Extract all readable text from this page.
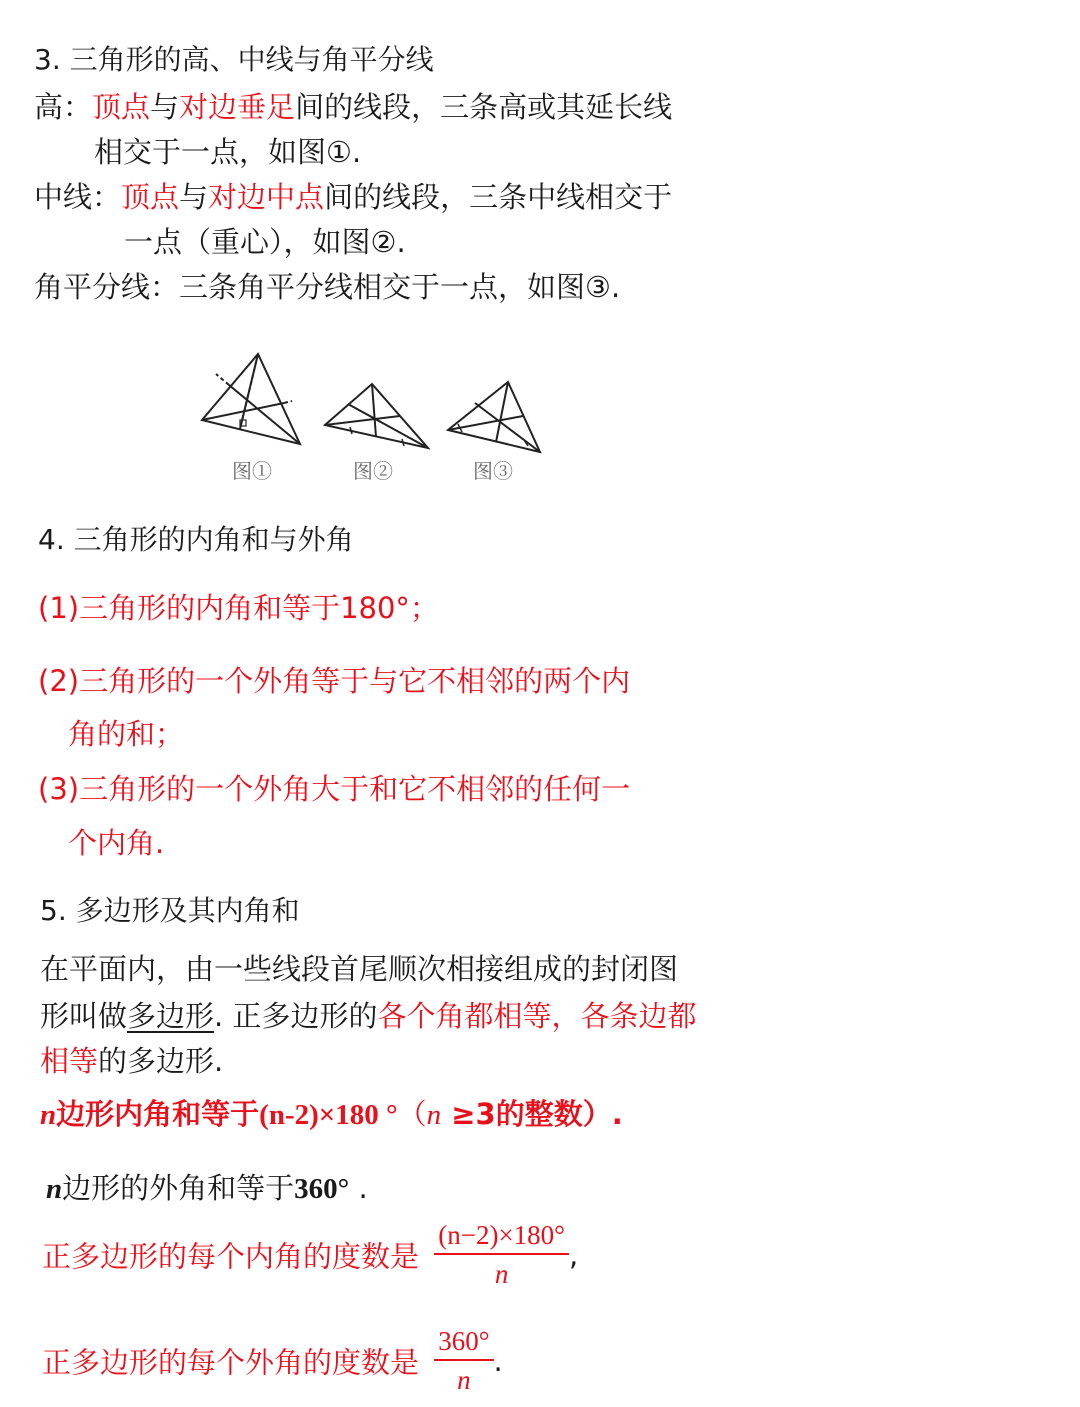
3. 三角形的高、中线与角平分线
高：顶点与对边垂足间的线段，三条高或其延长线
相交于一点，如图①.
中线：顶点与对边中点间的线段，三条中线相交于
一点（重心），如图②.
角平分线：三条角平分线相交于一点，如图③.
图①	图②	图③
4. 三角形的内角和与外角
(1)三角形的内角和等于180°；
(2)三角形的一个外角等于与它不相邻的两个内
角的和；
(3)三角形的一个外角大于和它不相邻的任何一
个内角.
5. 多边形及其内角和
在平面内，由一些线段首尾顺次相接组成的封闭图
形叫做多边形. 正多边形的各个角都相等，各条边都
相等的多边形.
n边形内角和等于(n-2)×180 °（n ≥3的整数）.
n边形的外角和等于360° .
正多边形的每个内角的度数是 $\frac{(n-2)\times 180^\circ}{n}$ ,
正多边形的每个外角的度数是 $\frac{360^\circ}{n}$ .
